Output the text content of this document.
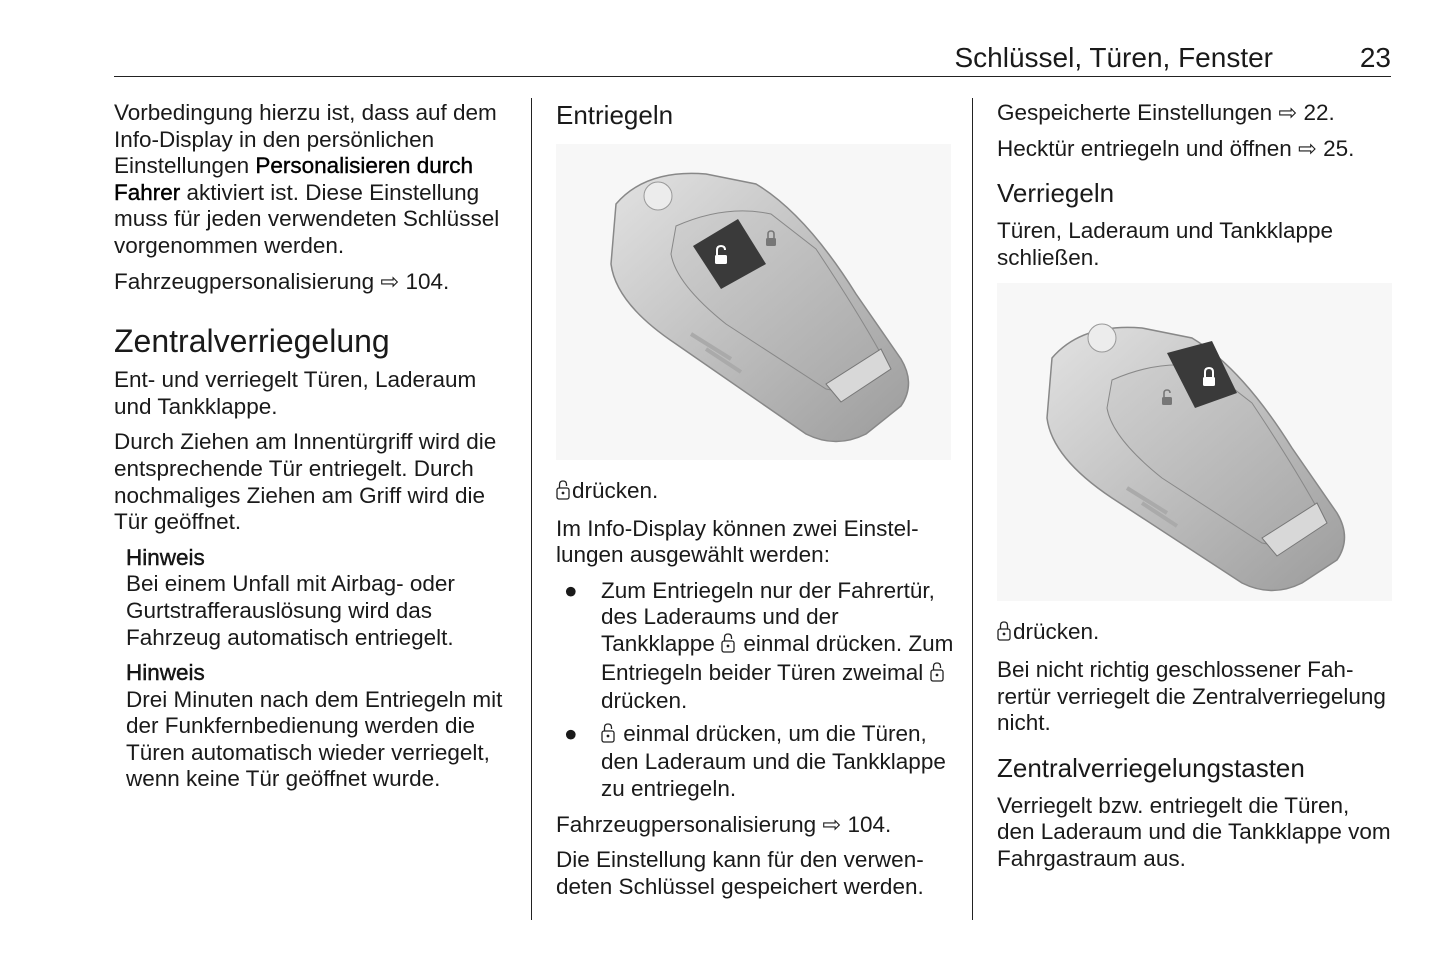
Schlüssel, Türen, Fenster	23

Vorbedingung hierzu ist, dass auf dem Info-Display in den persönlichen Einstellungen Personalisieren durch Fahrer aktiviert ist. Diese Einstellung muss für jeden verwendeten Schlüssel vorgenommen werden.

Fahrzeugpersonalisierung ⇨ 104.

Zentralverriegelung

Ent- und verriegelt Türen, Laderaum und Tankklappe.

Durch Ziehen am Innentürgriff wird die entsprechende Tür entriegelt. Durch nochmaliges Ziehen am Griff wird die Tür geöffnet.

Hinweis
Bei einem Unfall mit Airbag- oder Gurtstrafferauslösung wird das Fahrzeug automatisch entriegelt.

Hinweis
Drei Minuten nach dem Entriegeln mit der Funkfernbedienung werden die Türen automatisch wieder verriegelt, wenn keine Tür geöffnet wurde.

Entriegeln

drücken.

Im Info-Display können zwei Einstellungen ausgewählt werden:

● Zum Entriegeln nur der Fahrertür, des Laderaums und der Tankklappe  einmal drücken. Zum Entriegeln beider Türen zweimal  drücken.
● einmal drücken, um die Türen, den Laderaum und die Tankklappe zu entriegeln.

Fahrzeugpersonalisierung ⇨ 104.

Die Einstellung kann für den verwendeten Schlüssel gespeichert werden.

Gespeicherte Einstellungen ⇨ 22.

Hecktür entriegeln und öffnen ⇨ 25.

Verriegeln

Türen, Laderaum und Tankklappe schließen.

drücken.

Bei nicht richtig geschlossener Fahrertür verriegelt die Zentralverriegelung nicht.

Zentralverriegelungstasten

Verriegelt bzw. entriegelt die Türen, den Laderaum und die Tankklappe vom Fahrgastraum aus.
